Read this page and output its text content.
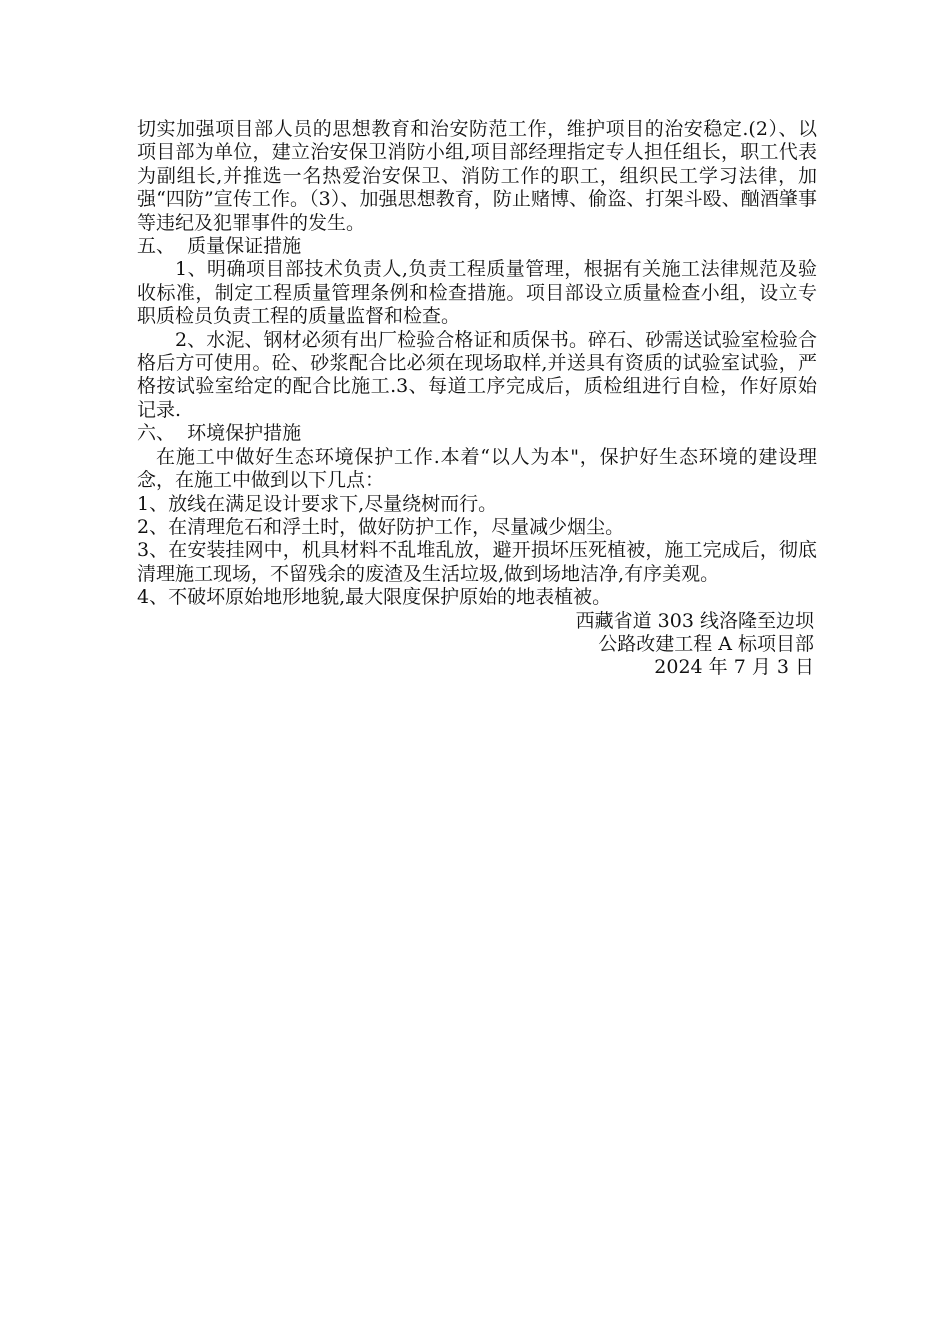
切实加强项目部人员的思想教育和治安防范工作，维护项目的治安稳定.(2）、以项目部为单位，建立治安保卫消防小组,项目部经理指定专人担任组长，职工代表为副组长,并推选一名热爱治安保卫、消防工作的职工，组织民工学习法律，加强“四防”宣传工作。（3）、加强思想教育，防止赌博、偷盗、打架斗殴、酗酒肇事等违纪及犯罪事件的发生。

五、  质量保证措施

1、明确项目部技术负责人,负责工程质量管理，根据有关施工法律规范及验收标准，制定工程质量管理条例和检查措施。项目部设立质量检查小组，设立专职质检员负责工程的质量监督和检查。

2、水泥、钢材必须有出厂检验合格证和质保书。碎石、砂需送试验室检验合格后方可使用。砼、砂浆配合比必须在现场取样,并送具有资质的试验室试验，严格按试验室给定的配合比施工.3、每道工序完成后，质检组进行自检，作好原始记录.

六、  环境保护措施

在施工中做好生态环境保护工作.本着“以人为本"，保护好生态环境的建设理念，在施工中做到以下几点：

1、放线在满足设计要求下,尽量绕树而行。

2、在清理危石和浮土时，做好防护工作，尽量减少烟尘。

3、在安装挂网中，机具材料不乱堆乱放，避开损坏压死植被，施工完成后，彻底清理施工现场，不留残余的废渣及生活垃圾,做到场地洁净,有序美观。

4、不破坏原始地形地貌,最大限度保护原始的地表植被。

西藏省道 303 线洛隆至边坝

公路改建工程 A 标项目部

2024 年 7 月 3 日
